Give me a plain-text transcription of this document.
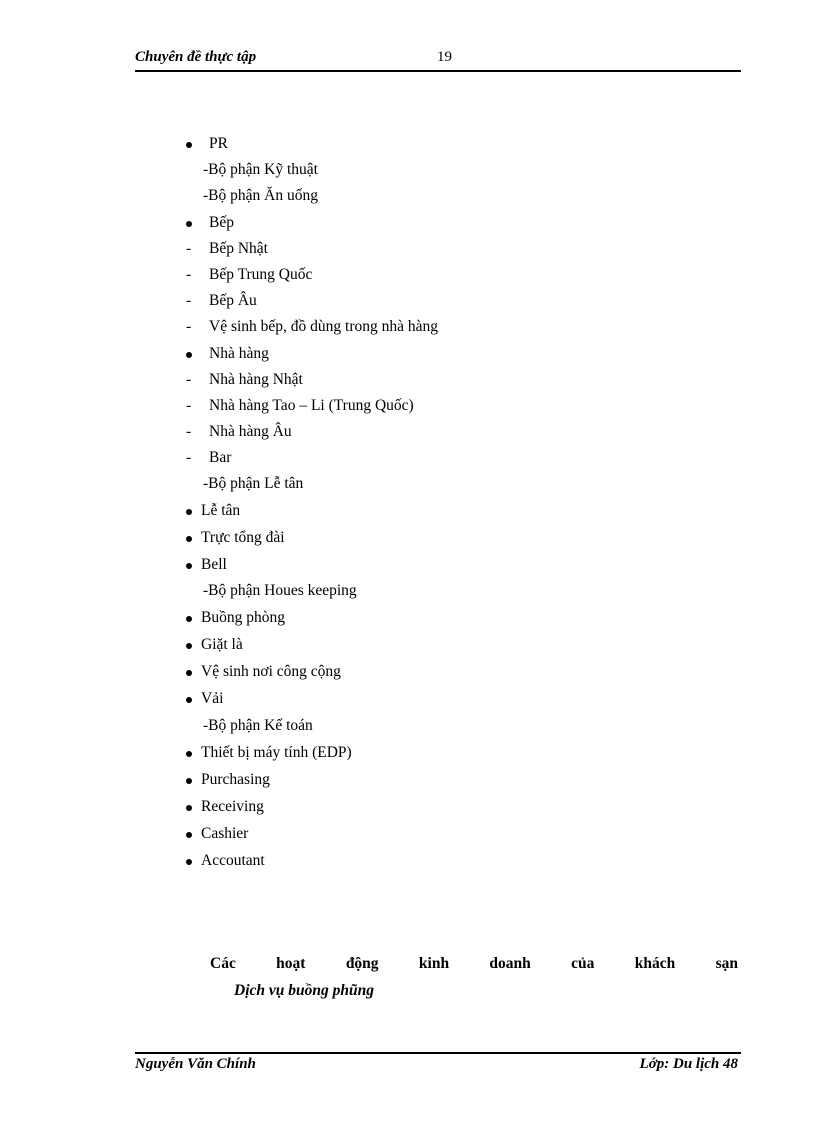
Chuyên đề thực tập	19
PR
-Bộ phận Kỹ thuật
-Bộ phận Ăn uống
Bếp
- Bếp Nhật
- Bếp Trung Quốc
- Bếp Âu
- Vệ sinh bếp, đồ dùng trong nhà hàng
Nhà hàng
- Nhà hàng Nhật
- Nhà hàng Tao – Li (Trung Quốc)
- Nhà hàng Âu
- Bar
-Bộ phận Lễ tân
Lễ tân
Trực tổng đài
Bell
-Bộ phận Houes keeping
Buồng phòng
Giặt là
Vệ sinh nơi công cộng
Vải
-Bộ phận Kế toán
Thiết bị máy tính (EDP)
Purchasing
Receiving
Cashier
Accoutant
Các	hoạt	động	kinh	doanh	của	khách	sạn
Dịch vụ buồng phũng
Nguyễn Văn Chính	Lớp: Du lịch 48
